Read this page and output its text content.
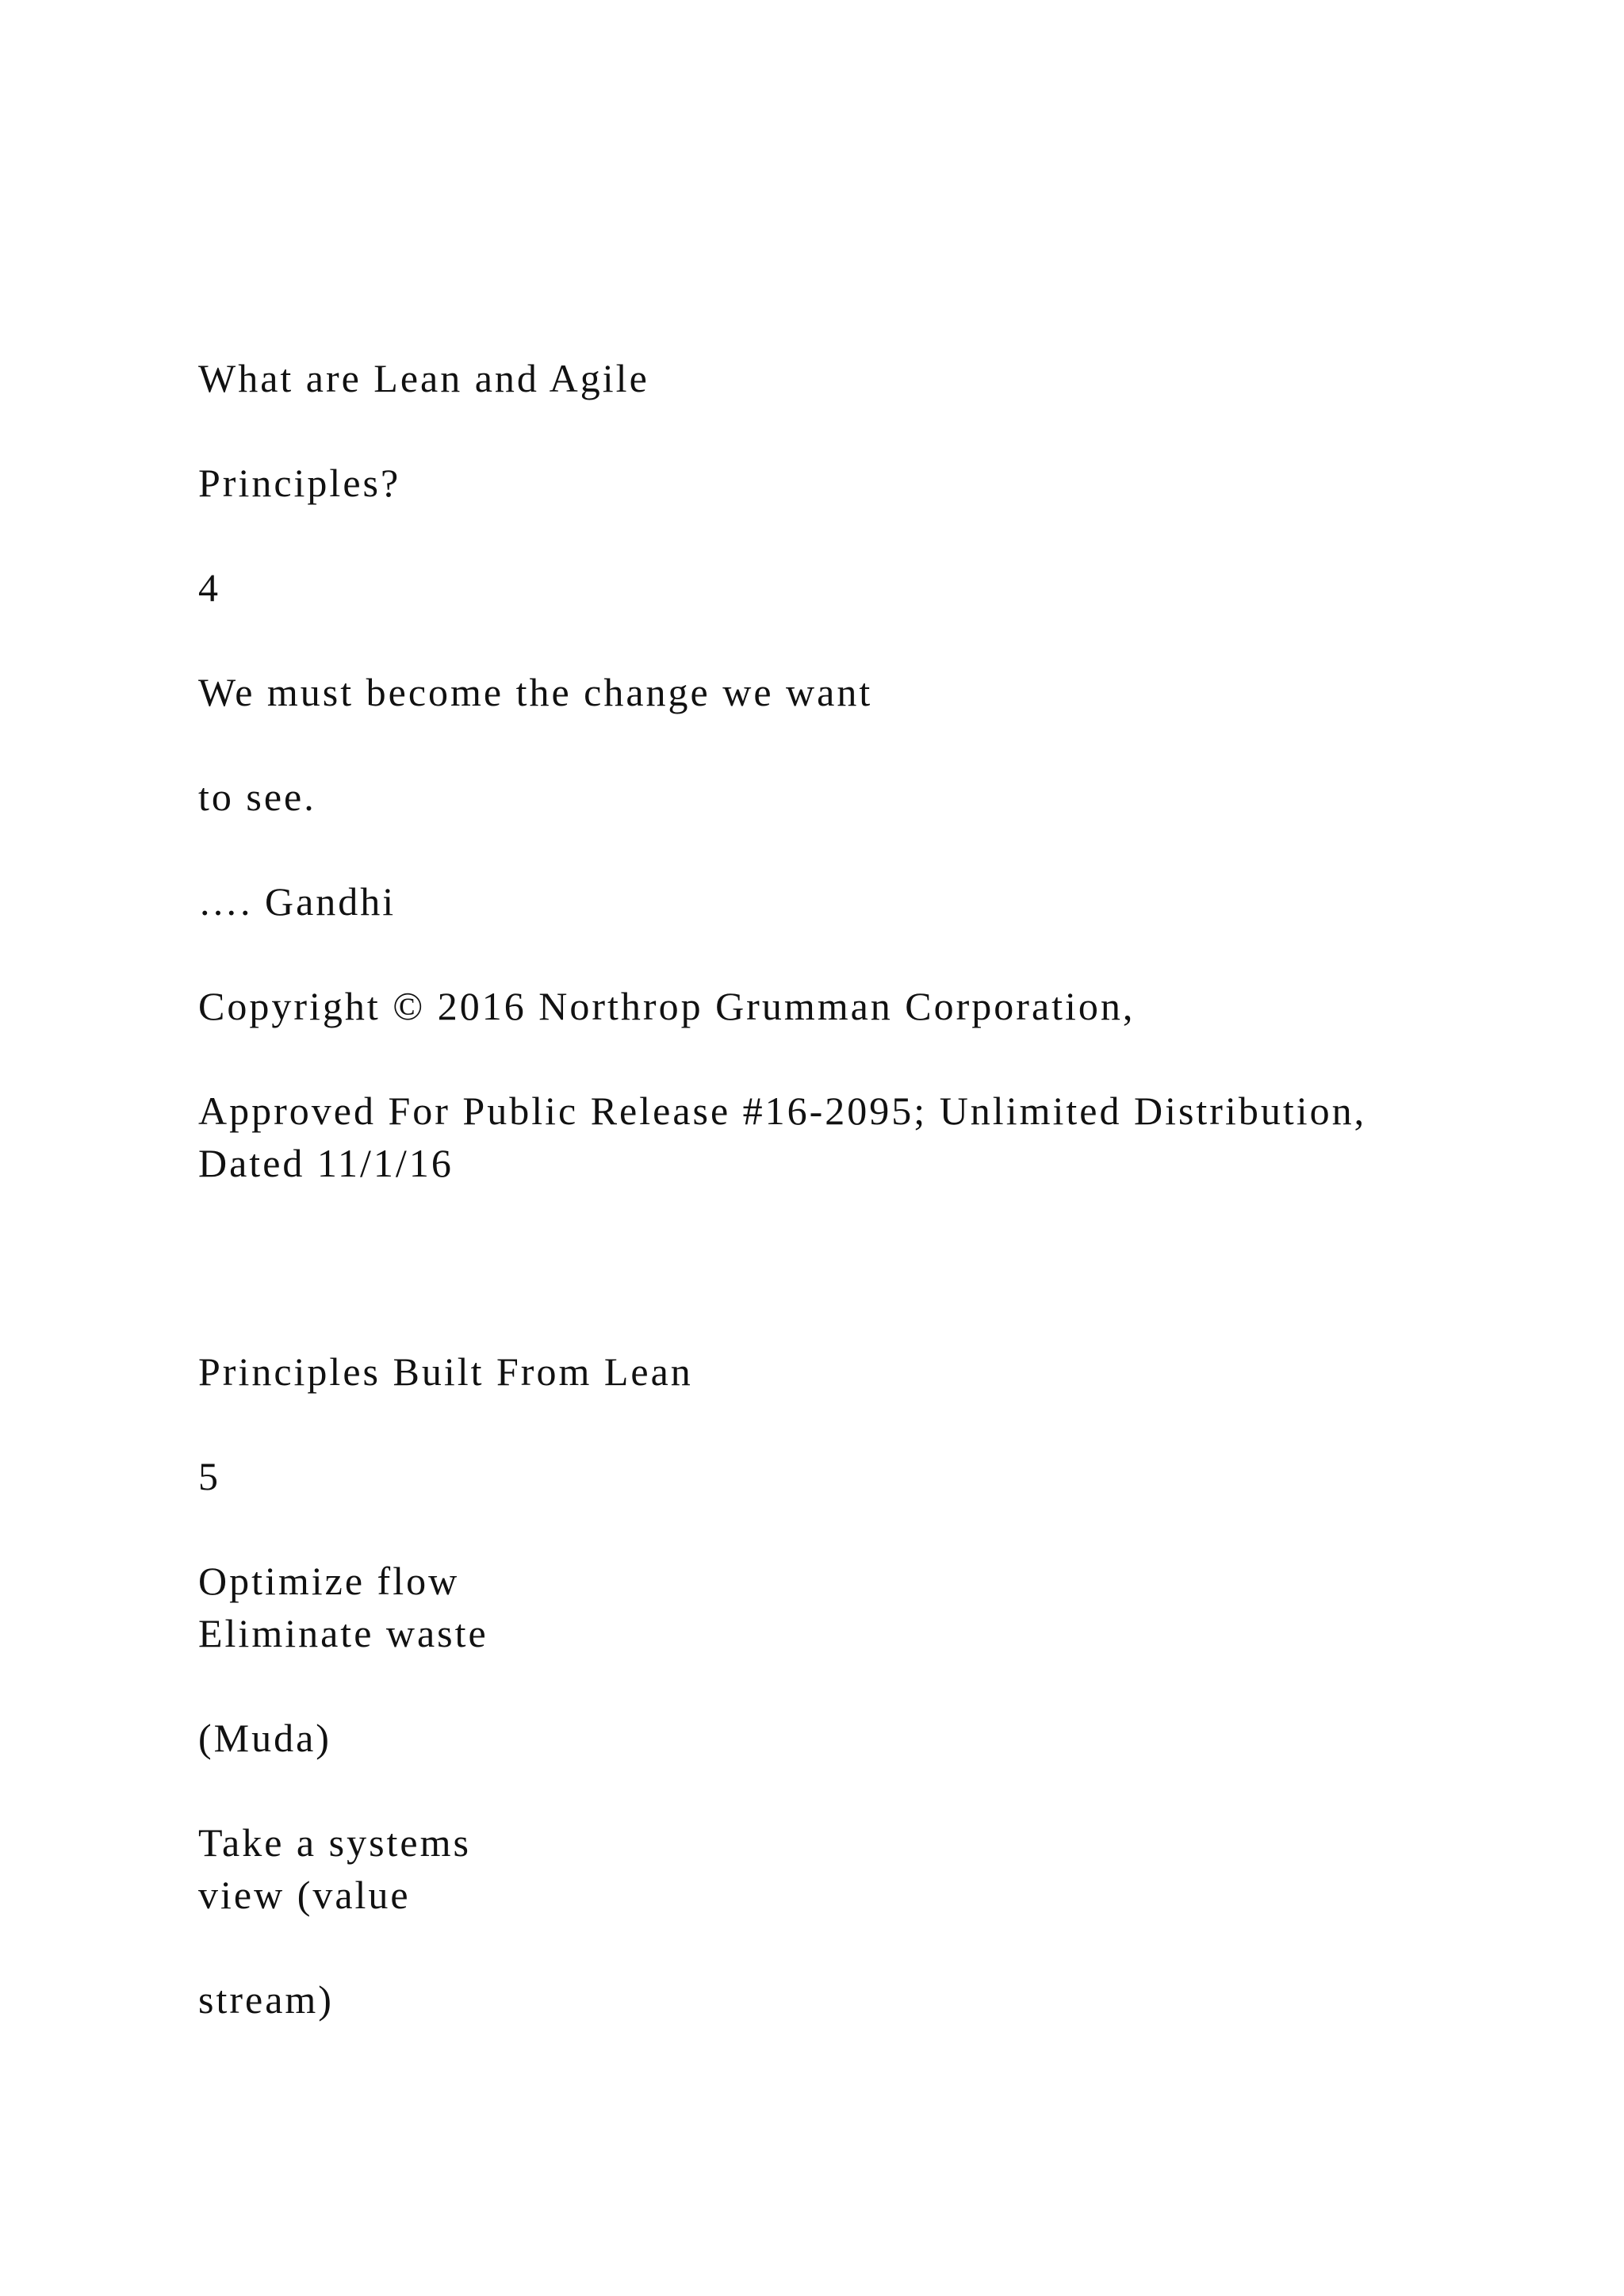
What are Lean and Agile
Principles?
4
We must become the change we want
to see.
…. Gandhi
Copyright © 2016 Northrop Grumman Corporation,
Approved For Public Release #16-2095; Unlimited Distribution,
Dated 11/1/16
Principles Built From Lean
5
Optimize flow
Eliminate waste
(Muda)
Take a systems
view (value
stream)
